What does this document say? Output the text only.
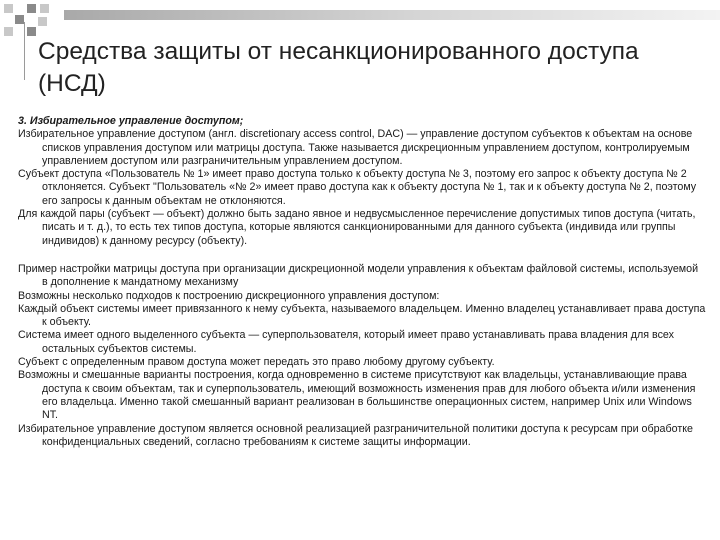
Средства защиты от несанкционированного доступа (НСД)

3. Избирательное управление доступом;

Избирательное управление доступом (англ. discretionary access control, DAC) — управление доступом субъектов к объектам на основе списков управления доступом или матрицы доступа. Также называется дискреционным управлением доступом, контролируемым управлением доступом или разграничительным управлением доступом.

Субъект доступа «Пользователь № 1» имеет право доступа только к объекту доступа № 3, поэтому его запрос к объекту доступа № 2 отклоняется. Субъект "Пользователь «№ 2» имеет право доступа как к объекту доступа № 1, так и к объекту доступа № 2, поэтому его запросы к данным объектам не отклоняются.

Для каждой пары (субъект — объект) должно быть задано явное и недвусмысленное перечисление допустимых типов доступа (читать, писать и т. д.), то есть тех типов доступа, которые являются санкционированными для данного субъекта (индивида или группы индивидов) к данному ресурсу (объекту).

Пример настройки матрицы доступа при организации дискреционной модели управления к объектам файловой системы, используемой в дополнение к мандатному механизму

Возможны несколько подходов к построению дискреционного управления доступом:

Каждый объект системы имеет привязанного к нему субъекта, называемого владельцем. Именно владелец устанавливает права доступа к объекту.

Система имеет одного выделенного субъекта — суперпользователя, который имеет право устанавливать права владения для всех остальных субъектов системы.

Субъект с определенным правом доступа может передать это право любому другому субъекту.

Возможны и смешанные варианты построения, когда одновременно в системе присутствуют как владельцы, устанавливающие права доступа к своим объектам, так и суперпользователь, имеющий возможность изменения прав для любого объекта и/или изменения его владельца. Именно такой смешанный вариант реализован в большинстве операционных систем, например Unix или Windows NT.

Избирательное управление доступом является основной реализацией разграничительной политики доступа к ресурсам при обработке конфиденциальных сведений, согласно требованиям к системе защиты информации.
